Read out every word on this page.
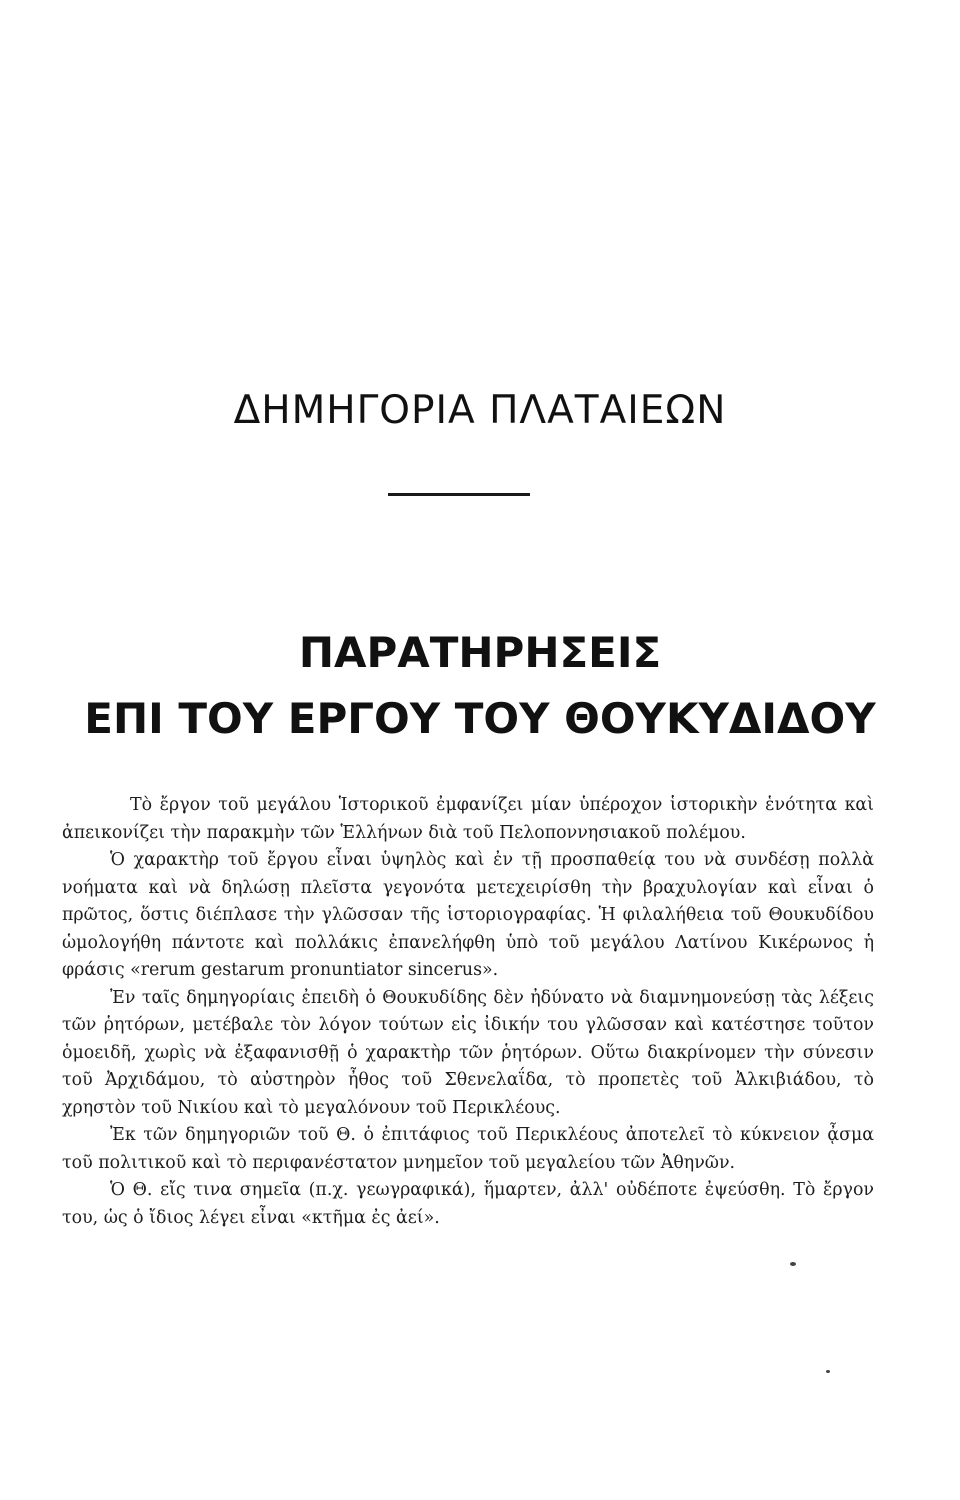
ΔΗΜΗΓΟΡΙΑ ΠΛΑΤΑΙΕΩΝ
ΠΑΡΑΤΗΡΗΣΕΙΣ
ΕΠΙ ΤΟΥ ΕΡΓΟΥ ΤΟΥ ΘΟΥΚΥΔΙΔΟΥ

Τὸ ἔργον τοῦ μεγάλου Ἱστορικοῦ ἐμφανίζει μίαν ὑπέροχον ἱστορικὴν ἑνότητα καὶ ἀπεικονίζει τὴν παρακμὴν τῶν Ἑλλήνων διὰ τοῦ Πελοποννησιακοῦ πολέμου.

Ὁ χαρακτὴρ τοῦ ἔργου εἶναι ὑψηλὸς καὶ ἐν τῇ προσπαθείᾳ του νὰ συνδέσῃ πολλὰ νοήματα καὶ νὰ δηλώσῃ πλεῖστα γεγονότα μετεχειρίσθη τὴν βραχυλογίαν καὶ εἶναι ὁ πρῶτος, ὅστις διέπλασε τὴν γλῶσσαν τῆς ἱστοριογραφίας. Ἡ φιλαλήθεια τοῦ Θουκυδίδου ὡμολογήθη πάντοτε καὶ πολλάκις ἐπανελήφθη ὑπὸ τοῦ μεγάλου Λατίνου Κικέρωνος ἡ φράσις «rerum gestarum pronuntiator sincerus».

Ἐν ταῖς δημηγορίαις ἐπειδὴ ὁ Θουκυδίδης δὲν ἠδύνατο νὰ διαμνημονεύσῃ τὰς λέξεις τῶν ῥητόρων, μετέβαλε τὸν λόγον τούτων εἰς ἰδικήν του γλῶσσαν καὶ κατέστησε τοῦτον ὁμοειδῆ, χωρὶς νὰ ἐξαφανισθῇ ὁ χαρακτὴρ τῶν ῥητόρων. Οὕτω διακρίνομεν τὴν σύνεσιν τοῦ Ἀρχιδάμου, τὸ αὐστηρὸν ἦθος τοῦ Σθενελαΐδα, τὸ προπετὲς τοῦ Ἀλκιβιάδου, τὸ χρηστὸν τοῦ Νικίου καὶ τὸ μεγαλόνουν τοῦ Περικλέους.

Ἐκ τῶν δημηγοριῶν τοῦ Θ. ὁ ἐπιτάφιος τοῦ Περικλέους ἀποτελεῖ τὸ κύκνειον ᾆσμα τοῦ πολιτικοῦ καὶ τὸ περιφανέστατον μνημεῖον τοῦ μεγαλείου τῶν Ἀθηνῶν.

Ὁ Θ. εἴς τινα σημεῖα (π.χ. γεωγραφικά), ἥμαρτεν, ἀλλ' οὐδέποτε ἐψεύσθη. Τὸ ἔργον του, ὡς ὁ ἴδιος λέγει εἶναι «κτῆμα ἐς ἀεί».
